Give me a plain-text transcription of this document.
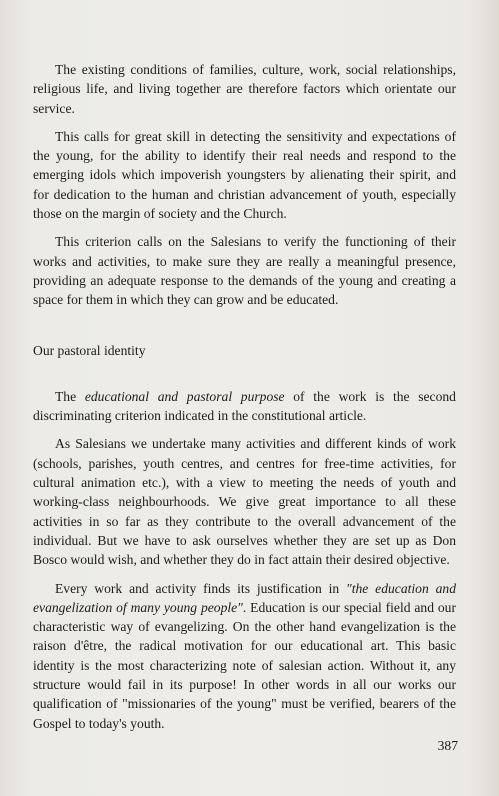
The existing conditions of families, culture, work, social relationships, religious life, and living together are therefore factors which orientate our service.

This calls for great skill in detecting the sensitivity and expectations of the young, for the ability to identify their real needs and respond to the emerging idols which impoverish youngsters by alienating their spirit, and for dedication to the human and christian advancement of youth, especially those on the margin of society and the Church.

This criterion calls on the Salesians to verify the functioning of their works and activities, to make sure they are really a meaningful presence, providing an adequate response to the demands of the young and creating a space for them in which they can grow and be educated.

Our pastoral identity

The educational and pastoral purpose of the work is the second discriminating criterion indicated in the constitutional article.

As Salesians we undertake many activities and different kinds of work (schools, parishes, youth centres, and centres for free-time activities, for cultural animation etc.), with a view to meeting the needs of youth and working-class neighbourhoods. We give great importance to all these activities in so far as they contribute to the overall advancement of the individual. But we have to ask ourselves whether they are set up as Don Bosco would wish, and whether they do in fact attain their desired objective.

Every work and activity finds its justification in "the education and evangelization of many young people". Education is our special field and our characteristic way of evangelizing. On the other hand evangelization is the raison d'être, the radical motivation for our educational art. This basic identity is the most characterizing note of salesian action. Without it, any structure would fail in its purpose! In other words in all our works our qualification of "missionaries of the young" must be verified, bearers of the Gospel to today's youth.

387
